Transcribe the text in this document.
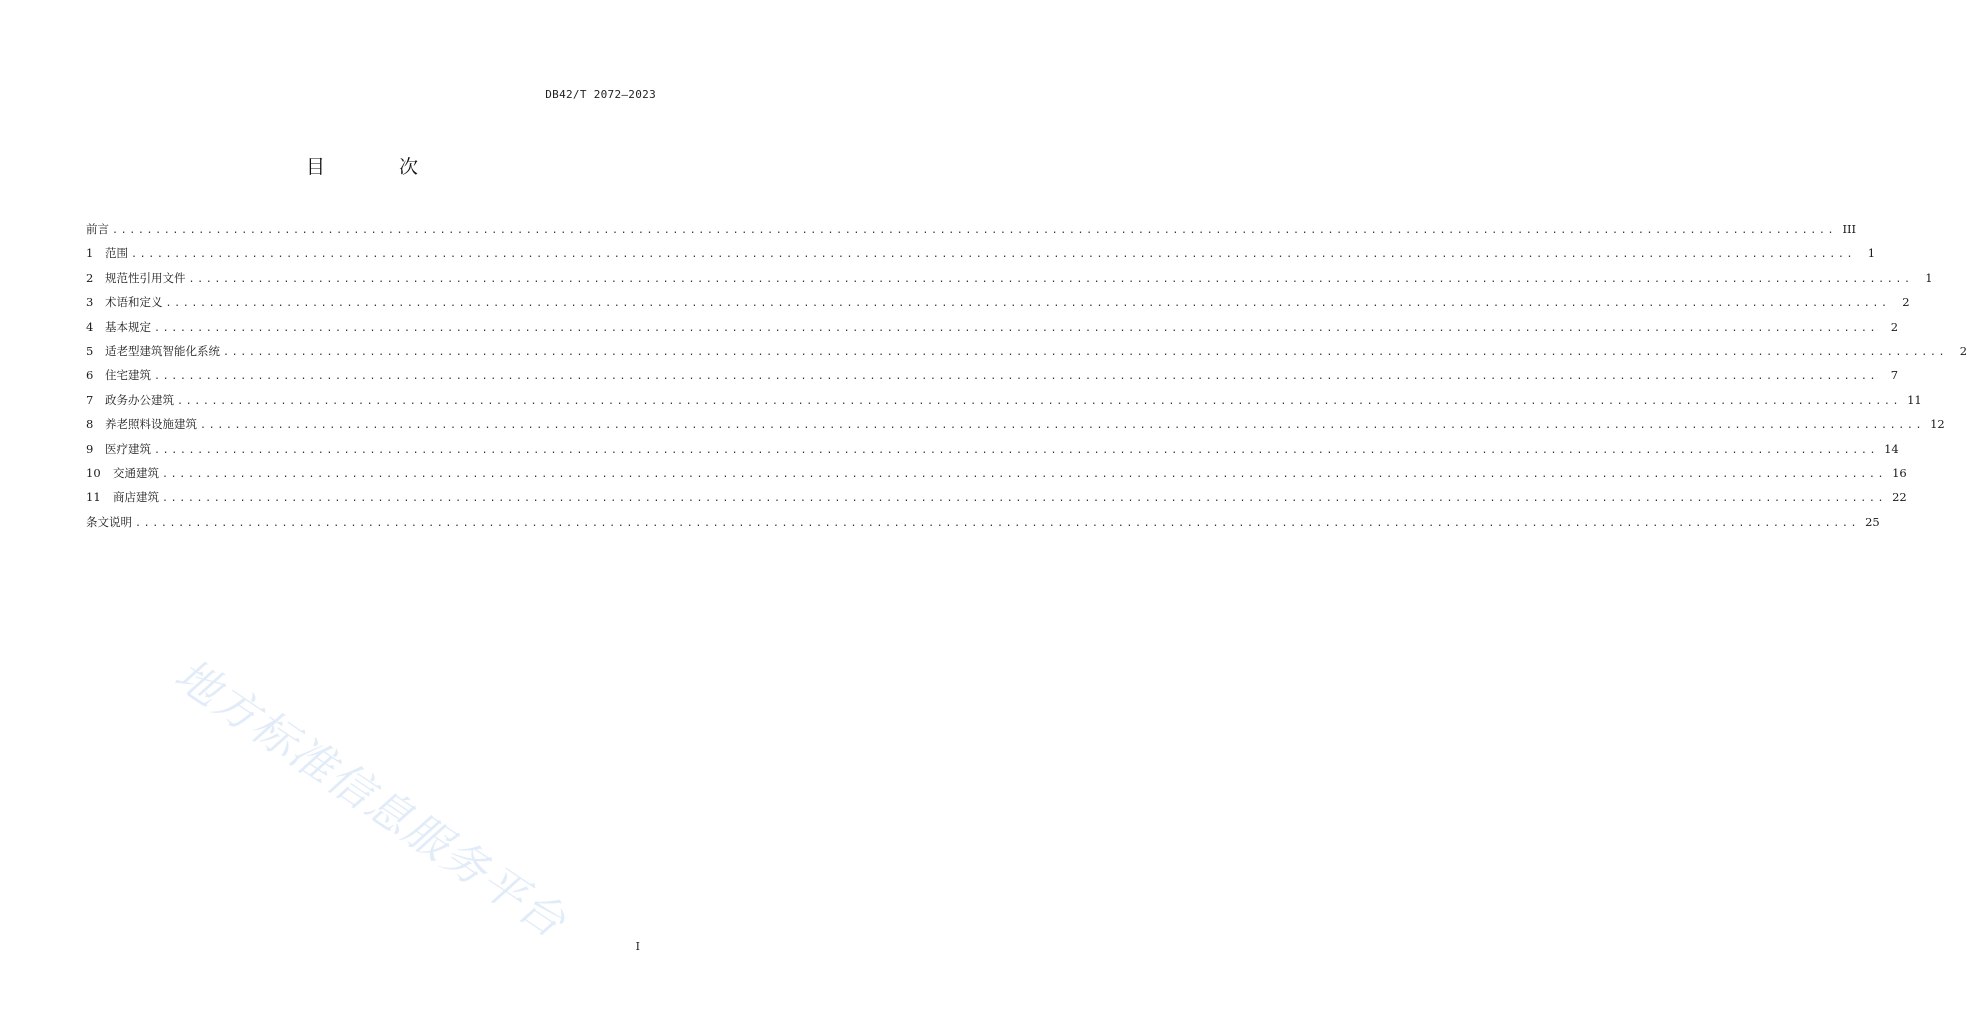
DB42/T 2072—2023
目 次
前言 ........................................................................................................................................................................................................ III
1	范围 ........................................................................................................................................................................................................	1
2	规范性引用文件 ........................................................................................................................................................................................................	1
3	术语和定义 ........................................................................................................................................................................................................	2
4	基本规定 ........................................................................................................................................................................................................	2
5	适老型建筑智能化系统 ........................................................................................................................................................................................................	2
6	住宅建筑 ........................................................................................................................................................................................................	7
7	政务办公建筑 ........................................................................................................................................................................................................ 11
8	养老照料设施建筑 ........................................................................................................................................................................................................ 12
9	医疗建筑 ........................................................................................................................................................................................................ 14
10	交通建筑 ........................................................................................................................................................................................................ 16
11	商店建筑 ........................................................................................................................................................................................................ 22
条文说明 ........................................................................................................................................................................................................ 25
地方标准信息服务平台	I
